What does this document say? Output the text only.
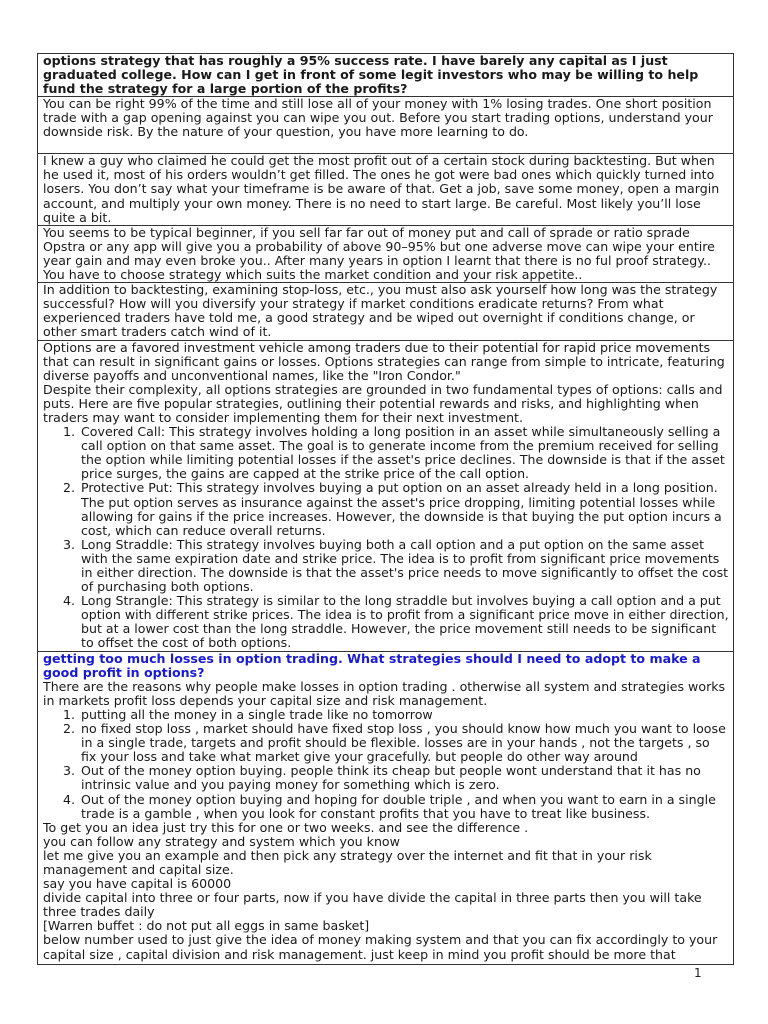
options strategy that has roughly a 95% success rate. I have barely any capital as I just graduated college. How can I get in front of some legit investors who may be willing to help fund the strategy for a large portion of the profits?
You can be right 99% of the time and still lose all of your money with 1% losing trades. One short position trade with a gap opening against you can wipe you out. Before you start trading options, understand your downside risk. By the nature of your question, you have more learning to do.
I knew a guy who claimed he could get the most profit out of a certain stock during backtesting. But when he used it, most of his orders wouldn’t get filled. The ones he got were bad ones which quickly turned into losers. You don’t say what your timeframe is be aware of that. Get a job, save some money, open a margin account, and multiply your own money. There is no need to start large. Be careful. Most likely you’ll lose quite a bit.
You seems to be typical beginner, if you sell far far out of money put and call of sprade or ratio sprade Opstra or any app will give you a probability of above 90–95% but one adverse move can wipe your entire year gain and may even broke you.. After many years in option I learnt that there is no ful proof strategy.. You have to choose strategy which suits the market condition and your risk appetite..
In addition to backtesting, examining stop-loss, etc., you must also ask yourself how long was the strategy successful? How will you diversify your strategy if market conditions eradicate returns? From what experienced traders have told me, a good strategy and be wiped out overnight if conditions change, or other smart traders catch wind of it.

Options are a favored investment vehicle among traders due to their potential for rapid price movements that can result in significant gains or losses. Options strategies can range from simple to intricate, featuring diverse payoffs and unconventional names, like the "Iron Condor."

Despite their complexity, all options strategies are grounded in two fundamental types of options: calls and puts. Here are five popular strategies, outlining their potential rewards and risks, and highlighting when traders may want to consider implementing them for their next investment.

1. Covered Call: This strategy involves holding a long position in an asset while simultaneously selling a call option on that same asset. The goal is to generate income from the premium received for selling the option while limiting potential losses if the asset's price declines. The downside is that if the asset price surges, the gains are capped at the strike price of the call option.
2. Protective Put: This strategy involves buying a put option on an asset already held in a long position. The put option serves as insurance against the asset's price dropping, limiting potential losses while allowing for gains if the price increases. However, the downside is that buying the put option incurs a cost, which can reduce overall returns.
3. Long Straddle: This strategy involves buying both a call option and a put option on the same asset with the same expiration date and strike price. The idea is to profit from significant price movements in either direction. The downside is that the asset's price needs to move significantly to offset the cost of purchasing both options.
4. Long Strangle: This strategy is similar to the long straddle but involves buying a call option and a put option with different strike prices. The idea is to profit from a significant price move in either direction, but at a lower cost than the long straddle. However, the price movement still needs to be significant to offset the cost of both options.

getting too much losses in option trading. What strategies should I need to adopt to make a good profit in options?

There are the reasons why people make losses in option trading . otherwise all system and strategies works in markets profit loss depends your capital size and risk management.

1. putting all the money in a single trade like no tomorrow
2. no fixed stop loss , market should have fixed stop loss , you should know how much you want to loose in a single trade, targets and profit should be flexible. losses are in your hands , not the targets , so fix your loss and take what market give your gracefully. but people do other way around
3. Out of the money option buying. people think its cheap but people wont understand that it has no intrinsic value and you paying money for something which is zero.
4. Out of the money option buying and hoping for double triple , and when you want to earn in a single trade is a gamble , when you look for constant profits that you have to treat like business.

To get you an idea just try this for one or two weeks. and see the difference .

you can follow any strategy and system which you know

let me give you an example and then pick any strategy over the internet and fit that in your risk management and capital size.

say you have capital is 60000

divide capital into three or four parts, now if you have divide the capital in three parts then you will take three trades daily

[Warren buffet : do not put all eggs in same basket]

below number used to just give the idea of money making system and that you can fix accordingly to your capital size , capital division and risk management. just keep in mind you profit should be more that

1
